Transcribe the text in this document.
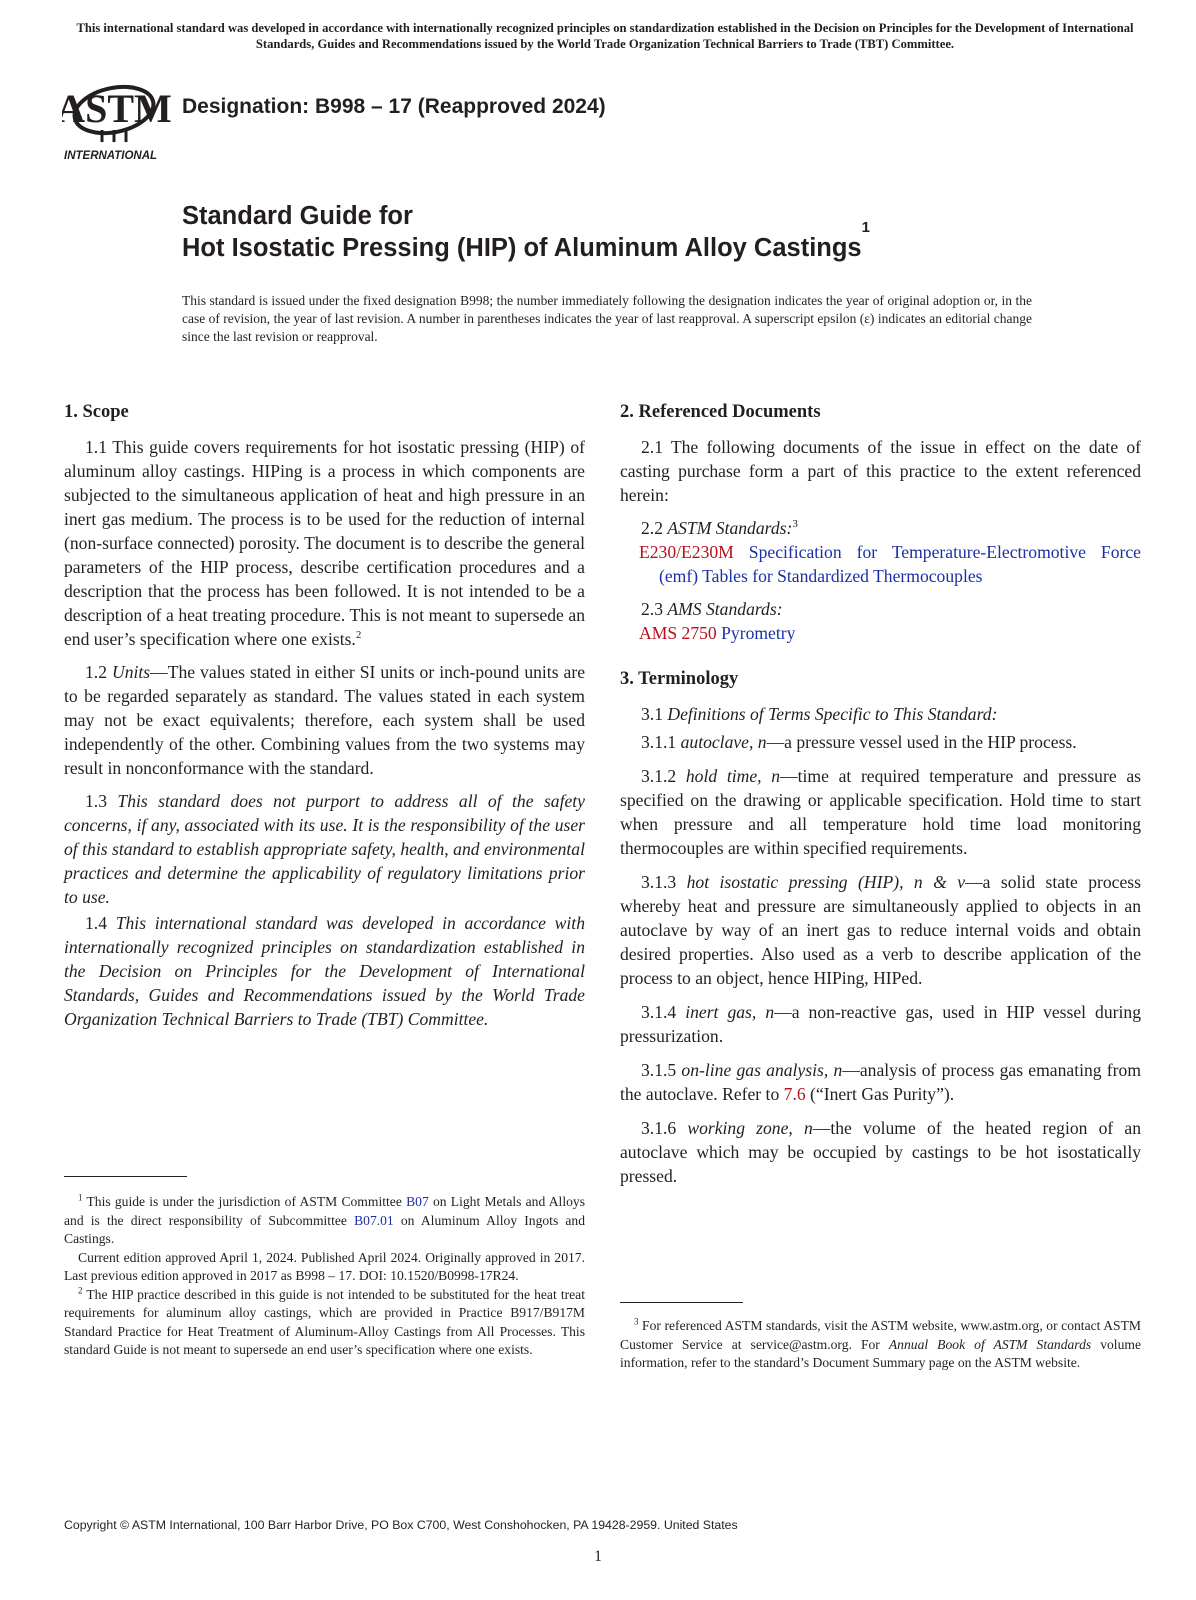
This international standard was developed in accordance with internationally recognized principles on standardization established in the Decision on Principles for the Development of International Standards, Guides and Recommendations issued by the World Trade Organization Technical Barriers to Trade (TBT) Committee.
ASTM
INTERNATIONAL
Designation: B998 – 17 (Reapproved 2024)
Standard Guide for
Hot Isostatic Pressing (HIP) of Aluminum Alloy Castings$^1$
This standard is issued under the fixed designation B998; the number immediately following the designation indicates the year of original adoption or, in the case of revision, the year of last revision. A number in parentheses indicates the year of last reapproval. A superscript epsilon (ε) indicates an editorial change since the last revision or reapproval.
1. Scope

1.1 This guide covers requirements for hot isostatic pressing (HIP) of aluminum alloy castings. HIPing is a process in which components are subjected to the simultaneous application of heat and high pressure in an inert gas medium. The process is to be used for the reduction of internal (non-surface connected) porosity. The document is to describe the general parameters of the HIP process, describe certification procedures and a description that the process has been followed. It is not intended to be a description of a heat treating procedure. This is not meant to supersede an end user’s specification where one exists.$^2$

1.2 Units—The values stated in either SI units or inch-pound units are to be regarded separately as standard. The values stated in each system may not be exact equivalents; therefore, each system shall be used independently of the other. Combining values from the two systems may result in nonconformance with the standard.

1.3 This standard does not purport to address all of the safety concerns, if any, associated with its use. It is the responsibility of the user of this standard to establish appropriate safety, health, and environmental practices and determine the applicability of regulatory limitations prior to use.

1.4 This international standard was developed in accordance with internationally recognized principles on standardization established in the Decision on Principles for the Development of International Standards, Guides and Recommendations issued by the World Trade Organization Technical Barriers to Trade (TBT) Committee.

2. Referenced Documents

2.1 The following documents of the issue in effect on the date of casting purchase form a part of this practice to the extent referenced herein:

2.2 ASTM Standards:$^3$

E230/E230M Specification for Temperature-Electromotive Force (emf) Tables for Standardized Thermocouples

2.3 AMS Standards:

AMS 2750 Pyrometry

3. Terminology

3.1 Definitions of Terms Specific to This Standard:

3.1.1 autoclave, n—a pressure vessel used in the HIP process.

3.1.2 hold time, n—time at required temperature and pressure as specified on the drawing or applicable specification. Hold time to start when pressure and all temperature hold time load monitoring thermocouples are within specified requirements.

3.1.3 hot isostatic pressing (HIP), n & v—a solid state process whereby heat and pressure are simultaneously applied to objects in an autoclave by way of an inert gas to reduce internal voids and obtain desired properties. Also used as a verb to describe application of the process to an object, hence HIPing, HIPed.

3.1.4 inert gas, n—a non-reactive gas, used in HIP vessel during pressurization.

3.1.5 on-line gas analysis, n—analysis of process gas emanating from the autoclave. Refer to 7.6 (“Inert Gas Purity”).

3.1.6 working zone, n—the volume of the heated region of an autoclave which may be occupied by castings to be hot isostatically pressed.

$^1$ This guide is under the jurisdiction of ASTM Committee B07 on Light Metals and Alloys and is the direct responsibility of Subcommittee B07.01 on Aluminum Alloy Ingots and Castings.

Current edition approved April 1, 2024. Published April 2024. Originally approved in 2017. Last previous edition approved in 2017 as B998 – 17. DOI: 10.1520/B0998-17R24.

$^2$ The HIP practice described in this guide is not intended to be substituted for the heat treat requirements for aluminum alloy castings, which are provided in Practice B917/B917M Standard Practice for Heat Treatment of Aluminum-Alloy Castings from All Processes. This standard Guide is not meant to supersede an end user’s specification where one exists.

$^3$ For referenced ASTM standards, visit the ASTM website, www.astm.org, or contact ASTM Customer Service at service@astm.org. For Annual Book of ASTM Standards volume information, refer to the standard’s Document Summary page on the ASTM website.

Copyright © ASTM International, 100 Barr Harbor Drive, PO Box C700, West Conshohocken, PA 19428-2959. United States
1
